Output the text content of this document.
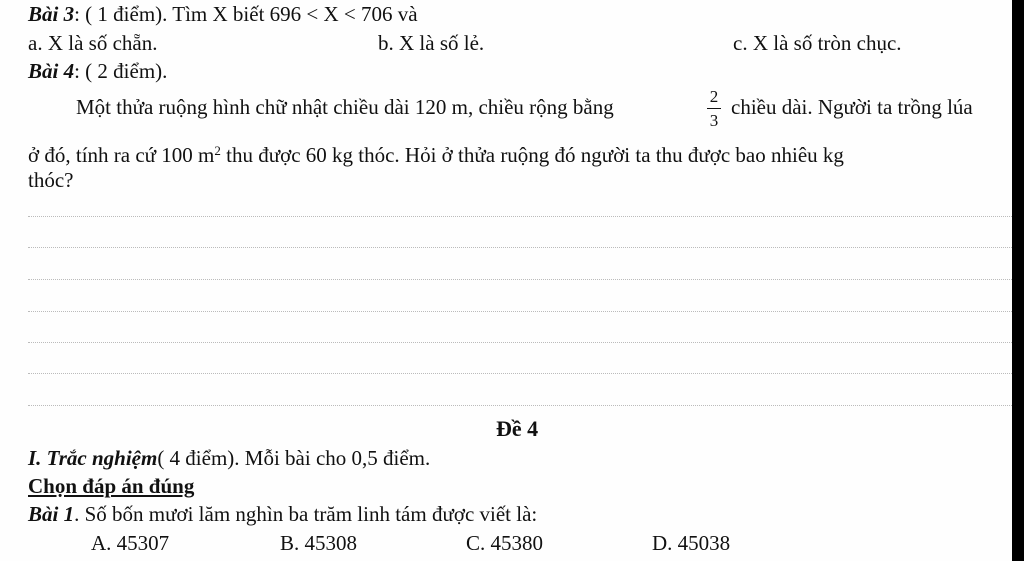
Bài 3: ( 1 điểm). Tìm X biết 696 < X < 706 và
a. X là số chẵn.	b. X là số lẻ.	c. X là số tròn chục.
Bài 4: ( 2 điểm).
Một thửa ruộng hình chữ nhật chiều dài 120 m, chiều rộng bằng	2
3
chiều dài. Người ta trồng lúa
ở đó, tính ra cứ 100 $m^2$ thu được 60 kg thóc. Hỏi ở thửa ruộng đó người ta thu được bao nhiêu kg
thóc?
Đề 4
I. Trắc nghiệm( 4 điểm). Mỗi bài cho 0,5 điểm.
Chọn đáp án đúng
Bài 1. Số bốn mươi lăm nghìn ba trăm linh tám được viết là:
A. 45307	B. 45308	C. 45380	D. 45038
